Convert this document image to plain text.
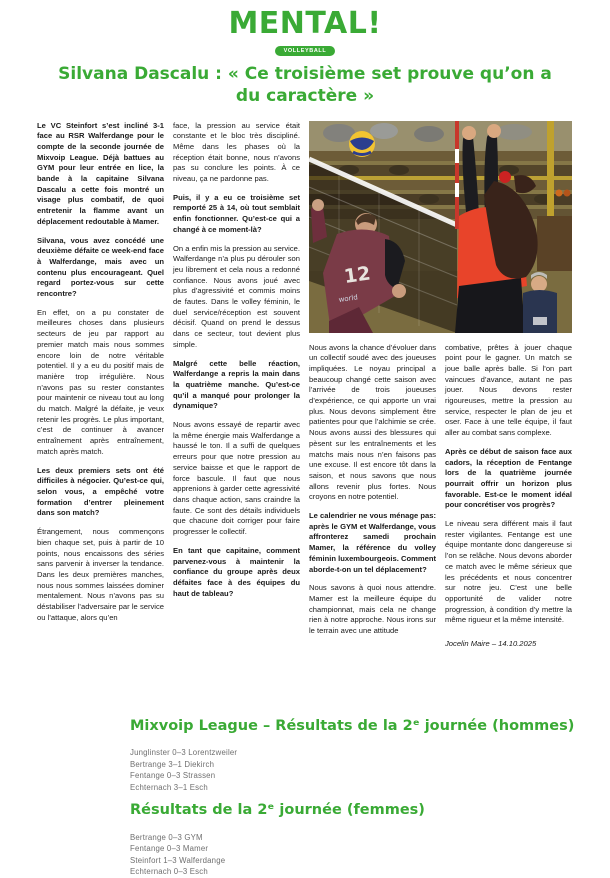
MENTAL!
VOLLEYBALL
Silvana Dascalu : « Ce troisième set prouve qu’on a du caractère »

Le VC Steinfort s’est incliné 3-1 face au RSR Walferdange pour le compte de la seconde journée de Mixvoip League. Déjà battues au GYM pour leur entrée en lice, la bande à la capitaine Silvana Dascalu a cette fois montré un visage plus combatif, de quoi entretenir la flamme avant un déplacement redoutable à Mamer.

Silvana, vous avez concédé une deuxième défaite ce week-end face à Walferdange, mais avec un contenu plus encourageant. Quel regard portez-vous sur cette rencontre?

En effet, on a pu constater de meilleures choses dans plusieurs secteurs de jeu par rapport au premier match mais nous sommes encore loin de notre véritable potentiel. Il y a eu du positif mais de manière trop irrégulière. Nous n’avons pas su rester constantes pour maintenir ce niveau tout au long du match. Malgré la défaite, je veux retenir les progrès. Le plus important, c’est de continuer à avancer entraînement après entraînement, match après match.

Les deux premiers sets ont été difficiles à négocier. Qu’est-ce qui, selon vous, a empêché votre formation d’entrer pleinement dans son match?

Étrangement, nous commençons bien chaque set, puis à partir de 10 points, nous encaissons des séries sans parvenir à inverser la tendance. Dans les deux premières manches, nous nous sommes laissées dominer mentalement. Nous n’avons pas su déstabiliser l’adversaire par le service ou l’attaque, alors qu’en

face, la pression au service était constante et le bloc très discipliné. Même dans les phases où la réception était bonne, nous n’avons pas su conclure les points. À ce niveau, ça ne pardonne pas.

Puis, il y a eu ce troisième set remporté 25 à 14, où tout semblait enfin fonctionner. Qu’est-ce qui a changé à ce moment-là?

On a enfin mis la pression au service. Walferdange n’a plus pu dérouler son jeu librement et cela nous a redonné confiance. Nous avons joué avec plus d’agressivité et commis moins de fautes. Dans le volley féminin, le duel service/réception est souvent décisif. Quand on prend le dessus dans ce secteur, tout devient plus simple.

Malgré cette belle réaction, Walferdange a repris la main dans la quatrième manche. Qu’est-ce qu’il a manqué pour prolonger la dynamique?

Nous avons essayé de repartir avec la même énergie mais Walferdange a haussé le ton. Il a suffi de quelques erreurs pour que notre pression au service baisse et que le rapport de force bascule. Il faut que nous apprenions à garder cette agressivité dans chaque action, sans craindre la faute. Ce sont des détails individuels que chacune doit corriger pour faire progresser le collectif.

En tant que capitaine, comment parvenez-vous à maintenir la confiance du groupe après deux défaites face à des équipes du haut de tableau?

12
world

Nous avons la chance d’évoluer dans un collectif soudé avec des joueuses impliquées. Le noyau principal a beaucoup changé cette saison avec l’arrivée de trois joueuses d’expérience, ce qui apporte un vrai plus. Nous devons simplement être patientes pour que l’alchimie se crée. Nous avons aussi des blessures qui pèsent sur les entraînements et les matchs mais nous n’en faisons pas une excuse. Il est encore tôt dans la saison, et nous savons que nous allons revenir plus fortes. Nous croyons en notre potentiel.

Le calendrier ne vous ménage pas: après le GYM et Walferdange, vous affronterez samedi prochain Mamer, la référence du volley féminin luxembourgeois. Comment aborde-t-on un tel déplacement?

Nous savons à quoi nous attendre. Mamer est la meilleure équipe du championnat, mais cela ne change rien à notre approche. Nous irons sur le terrain avec une attitude

combative, prêtes à jouer chaque point pour le gagner. Un match se joue balle après balle. Si l’on part vaincues d’avance, autant ne pas jouer. Nous devons rester rigoureuses, mettre la pression au service, respecter le plan de jeu et oser. Face à une telle équipe, il faut aller au combat sans complexe.

Après ce début de saison face aux cadors, la réception de Fentange lors de la quatrième journée pourrait offrir un horizon plus favorable. Est-ce le moment idéal pour concrétiser vos progrès?

Le niveau sera différent mais il faut rester vigilantes. Fentange est une équipe montante donc dangereuse si l’on se relâche. Nous devons aborder ce match avec le même sérieux que les précédents et nous concentrer sur notre jeu. C’est une belle opportunité de valider notre progression, à condition d’y mettre la même rigueur et la même intensité.

Jocelin Maire – 14.10.2025

Mixvoip League – Résultats de la 2ᵉ journée (hommes)
Junglinster 0–3 Lorentzweiler
Bertrange 3–1 Diekirch
Fentange 0–3 Strassen
Echternach 3–1 Esch
Résultats de la 2ᵉ journée (femmes)
Bertrange 0–3 GYM
Fentange 0–3 Mamer
Steinfort 1–3 Walferdange
Echternach 0–3 Esch
